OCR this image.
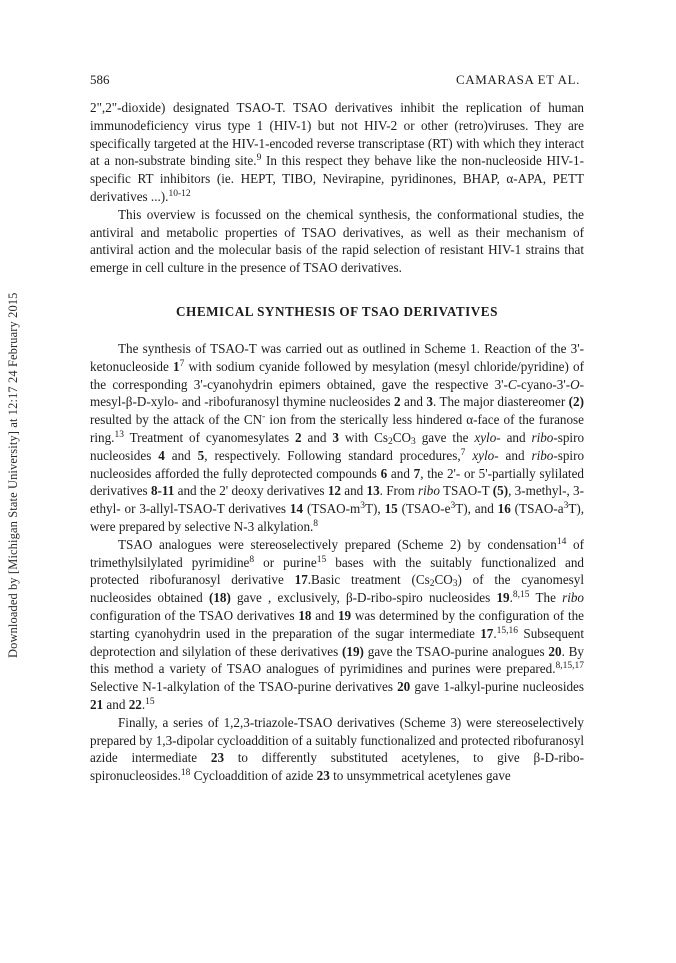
Downloaded by [Michigan State University] at 12:17 24 February 2015
586	CAMARASA ET AL.

2",2"-dioxide) designated TSAO-T. TSAO derivatives inhibit the replication of human immunodeficiency virus type 1 (HIV-1) but not HIV-2 or other (retro)viruses. They are specifically targeted at the HIV-1-encoded reverse transcriptase (RT) with which they interact at a non-substrate binding site.$^9$ In this respect they behave like the non-nucleoside HIV-1-specific RT inhibitors (ie. HEPT, TIBO, Nevirapine, pyridinones, BHAP, α-APA, PETT derivatives ...).$^{10-12}$

This overview is focussed on the chemical synthesis, the conformational studies, the antiviral and metabolic properties of TSAO derivatives, as well as their mechanism of antiviral action and the molecular basis of the rapid selection of resistant HIV-1 strains that emerge in cell culture in the presence of TSAO derivatives.

CHEMICAL SYNTHESIS OF TSAO DERIVATIVES

The synthesis of TSAO-T was carried out as outlined in Scheme 1. Reaction of the 3'-ketonucleoside $1^7$ with sodium cyanide followed by mesylation (mesyl chloride/pyridine) of the corresponding 3'-cyanohydrin epimers obtained, gave the respective 3'-C-cyano-3'-O-mesyl-β-D-xylo- and -ribofuranosyl thymine nucleosides 2 and 3. The major diastereomer (2) resulted by the attack of the CN- ion from the sterically less hindered α-face of the furanose ring.$^{13}$ Treatment of cyanomesylates 2 and 3 with $Cs_2CO_3$ gave the xylo- and ribo-spiro nucleosides 4 and 5, respectively. Following standard procedures,$^7$ xylo- and ribo-spiro nucleosides afforded the fully deprotected compounds 6 and 7, the 2'- or 5'-partially sylilated derivatives 8-11 and the 2' deoxy derivatives 12 and 13. From ribo TSAO-T (5), 3-methyl-, 3-ethyl- or 3-allyl-TSAO-T derivatives 14 $(TSAO-m^3T)$, 15 $(TSAO-e^3T)$, and 16 $(TSAO-a^3T)$, were prepared by selective N-3 alkylation.$^8$

TSAO analogues were stereoselectively prepared (Scheme 2) by condensation$^{14}$ of trimethylsilylated pyrimidine$^8$ or purine$^{15}$ bases with the suitably functionalized and protected ribofuranosyl derivative 17.Basic treatment $(Cs_2CO_3)$ of the cyanomesyl nucleosides obtained (18) gave , exclusively, β-D-ribo-spiro nucleosides 19.$^{8,15}$ The ribo configuration of the TSAO derivatives 18 and 19 was determined by the configuration of the starting cyanohydrin used in the preparation of the sugar intermediate 17.$^{15,16}$ Subsequent deprotection and silylation of these derivatives (19) gave the TSAO-purine analogues 20. By this method a variety of TSAO analogues of pyrimidines and purines were prepared.$^{8,15,17}$ Selective N-1-alkylation of the TSAO-purine derivatives 20 gave 1-alkyl-purine nucleosides 21 and 22.15

Finally, a series of 1,2,3-triazole-TSAO derivatives (Scheme 3) were stereoselectively prepared by 1,3-dipolar cycloaddition of a suitably functionalized and protected ribofuranosyl azide intermediate 23 to differently substituted acetylenes, to give β-D-ribo-spironucleosides.$^{18}$ Cycloaddition of azide 23 to unsymmetrical acetylenes gave
